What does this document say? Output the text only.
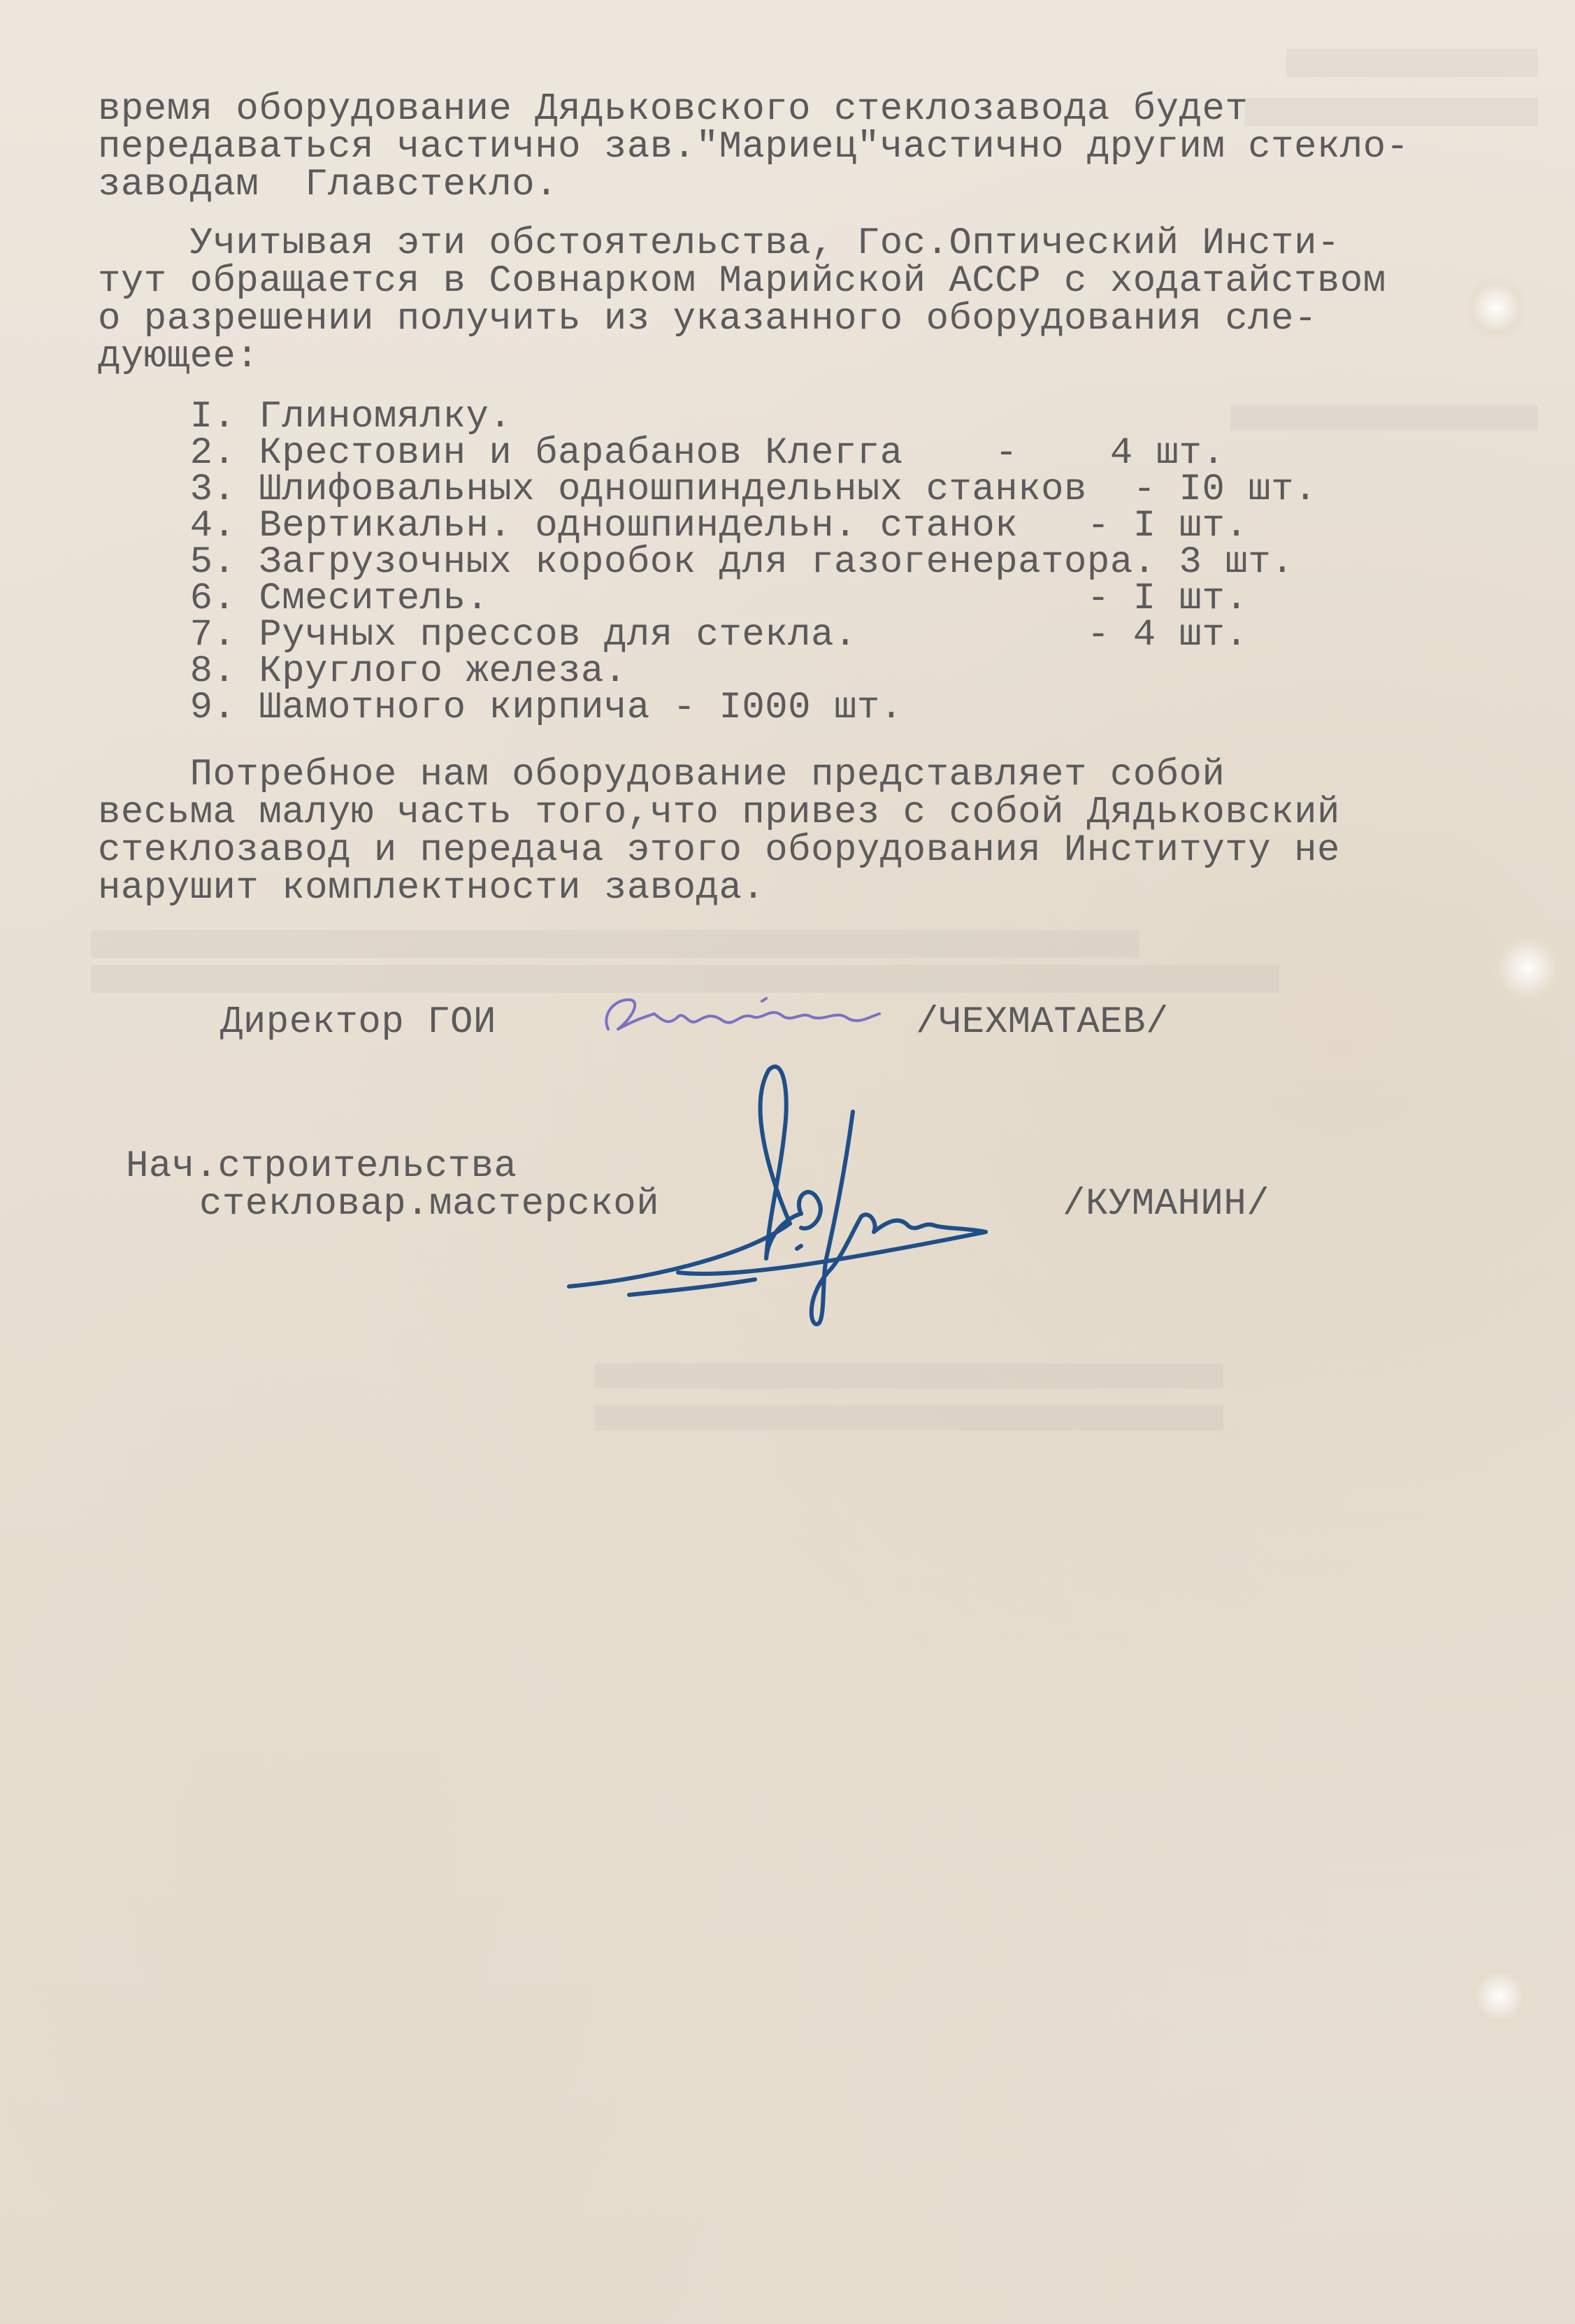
время оборудование Дядьковского стеклозавода будет
передаваться частично зав."Мариец"частично другим стекло-
заводам  Главстекло.
Учитывая эти обстоятельства, Гос.Оптический Инсти-
тут обращается в Совнарком Марийской АССР с ходатайством
о разрешении получить из указанного оборудования сле-
дующее:
I. Глиномялку.
2. Крестовин и барабанов Клегга    -    4 шт.
3. Шлифовальных одношпиндельных станков  - I0 шт.
4. Вертикальн. одношпиндельн. станок   - I шт.
5. Загрузочных коробок для газогенератора. 3 шт.
6. Смеситель.                          - I шт.
7. Ручных прессов для стекла.          - 4 шт.
8. Круглого железа.
9. Шамотного кирпича - I000 шт.
Потребное нам оборудование представляет собой
весьма малую часть того,что привез с собой Дядьковский
стеклозавод и передача этого оборудования Институту не
нарушит комплектности завода.
Директор ГОИ	/ЧЕХМАТАЕВ/
Нач.строительства
стекловар.мастерской	/КУМАНИН/
